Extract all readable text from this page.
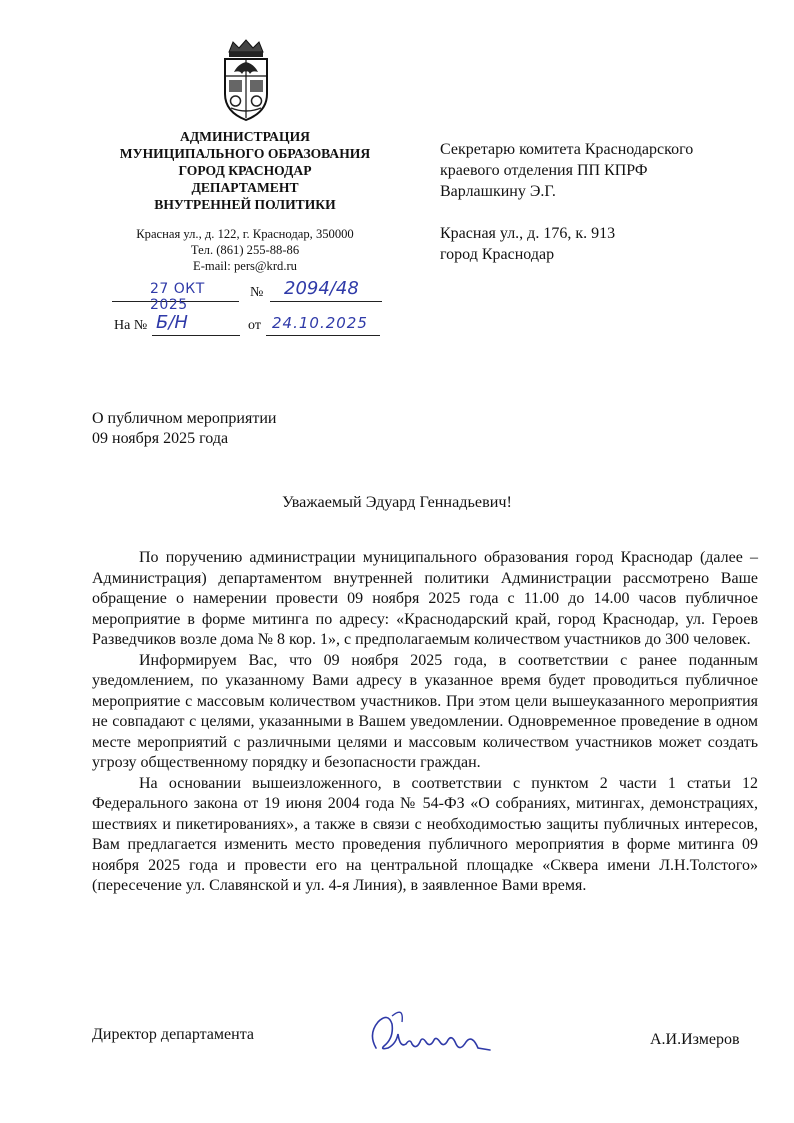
АДМИНИСТРАЦИЯ
МУНИЦИПАЛЬНОГО ОБРАЗОВАНИЯ
ГОРОД КРАСНОДАР
ДЕПАРТАМЕНТ
ВНУТРЕННЕЙ ПОЛИТИКИ
Красная ул., д. 122, г. Краснодар, 350000
Тел. (861) 255-88-86
E-mail: pers@krd.ru
27 ОКТ 2025
№ 2094/48
На № Б/Н	от 24.10.2025
Секретарю комитета Краснодарского
краевого отделения ПП КПРФ
Варлашкину Э.Г.
Красная ул., д. 176, к. 913
город Краснодар
О публичном мероприятии
09 ноября 2025 года
Уважаемый Эдуард Геннадьевич!

По поручению администрации муниципального образования город Краснодар (далее – Администрация) департаментом внутренней политики Администрации рассмотрено Ваше обращение о намерении провести 09 ноября 2025 года с 11.00 до 14.00 часов публичное мероприятие в форме митинга по адресу: «Краснодарский край, город Краснодар, ул. Героев Разведчиков возле дома № 8 кор. 1», с предполагаемым количеством участников до 300 человек.

Информируем Вас, что 09 ноября 2025 года, в соответствии с ранее поданным уведомлением, по указанному Вами адресу в указанное время будет проводиться публичное мероприятие с массовым количеством участников. При этом цели вышеуказанного мероприятия не совпадают с целями, указанными в Вашем уведомлении. Одновременное проведение в одном месте мероприятий с различными целями и массовым количеством участников может создать угрозу общественному порядку и безопасности граждан.

На основании вышеизложенного, в соответствии с пунктом 2 части 1 статьи 12 Федерального закона от 19 июня 2004 года № 54-ФЗ «О собраниях, митингах, демонстрациях, шествиях и пикетированиях», а также в связи с необходимостью защиты публичных интересов, Вам предлагается изменить место проведения публичного мероприятия в форме митинга 09 ноября 2025 года и провести его на центральной площадке «Сквера имени Л.Н.Толстого» (пересечение ул. Славянской и ул. 4-я Линия), в заявленное Вами время.

Директор департамента	А.И.Измеров
